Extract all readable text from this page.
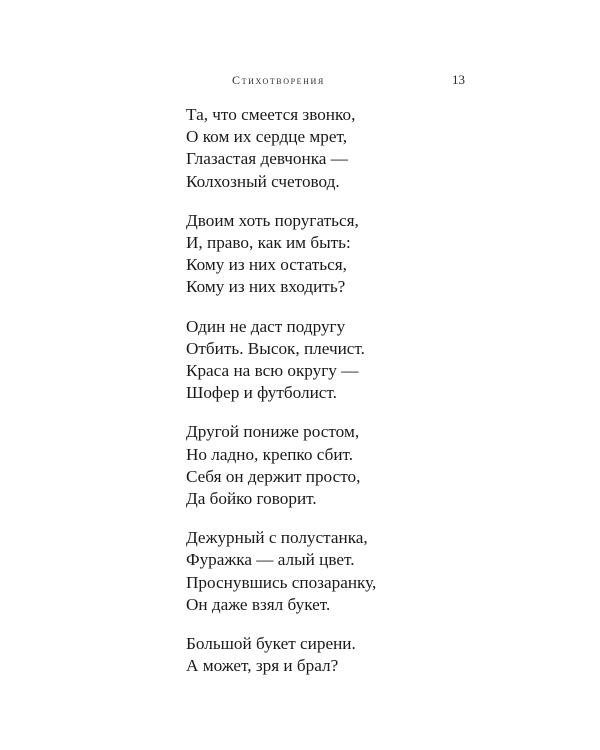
Стихотворения	13
Та, что смеется звонко,
О ком их сердце мрет,
Глазастая девчонка —
Колхозный счетовод.
Двоим хоть поругаться,
И, право, как им быть:
Кому из них остаться,
Кому из них входить?
Один не даст подругу
Отбить. Высок, плечист.
Краса на всю округу —
Шофер и футболист.
Другой пониже ростом,
Но ладно, крепко сбит.
Себя он держит просто,
Да бойко говорит.
Дежурный с полустанка,
Фуражка — алый цвет.
Проснувшись спозаранку,
Он даже взял букет.
Большой букет сирени.
А может, зря и брал?
